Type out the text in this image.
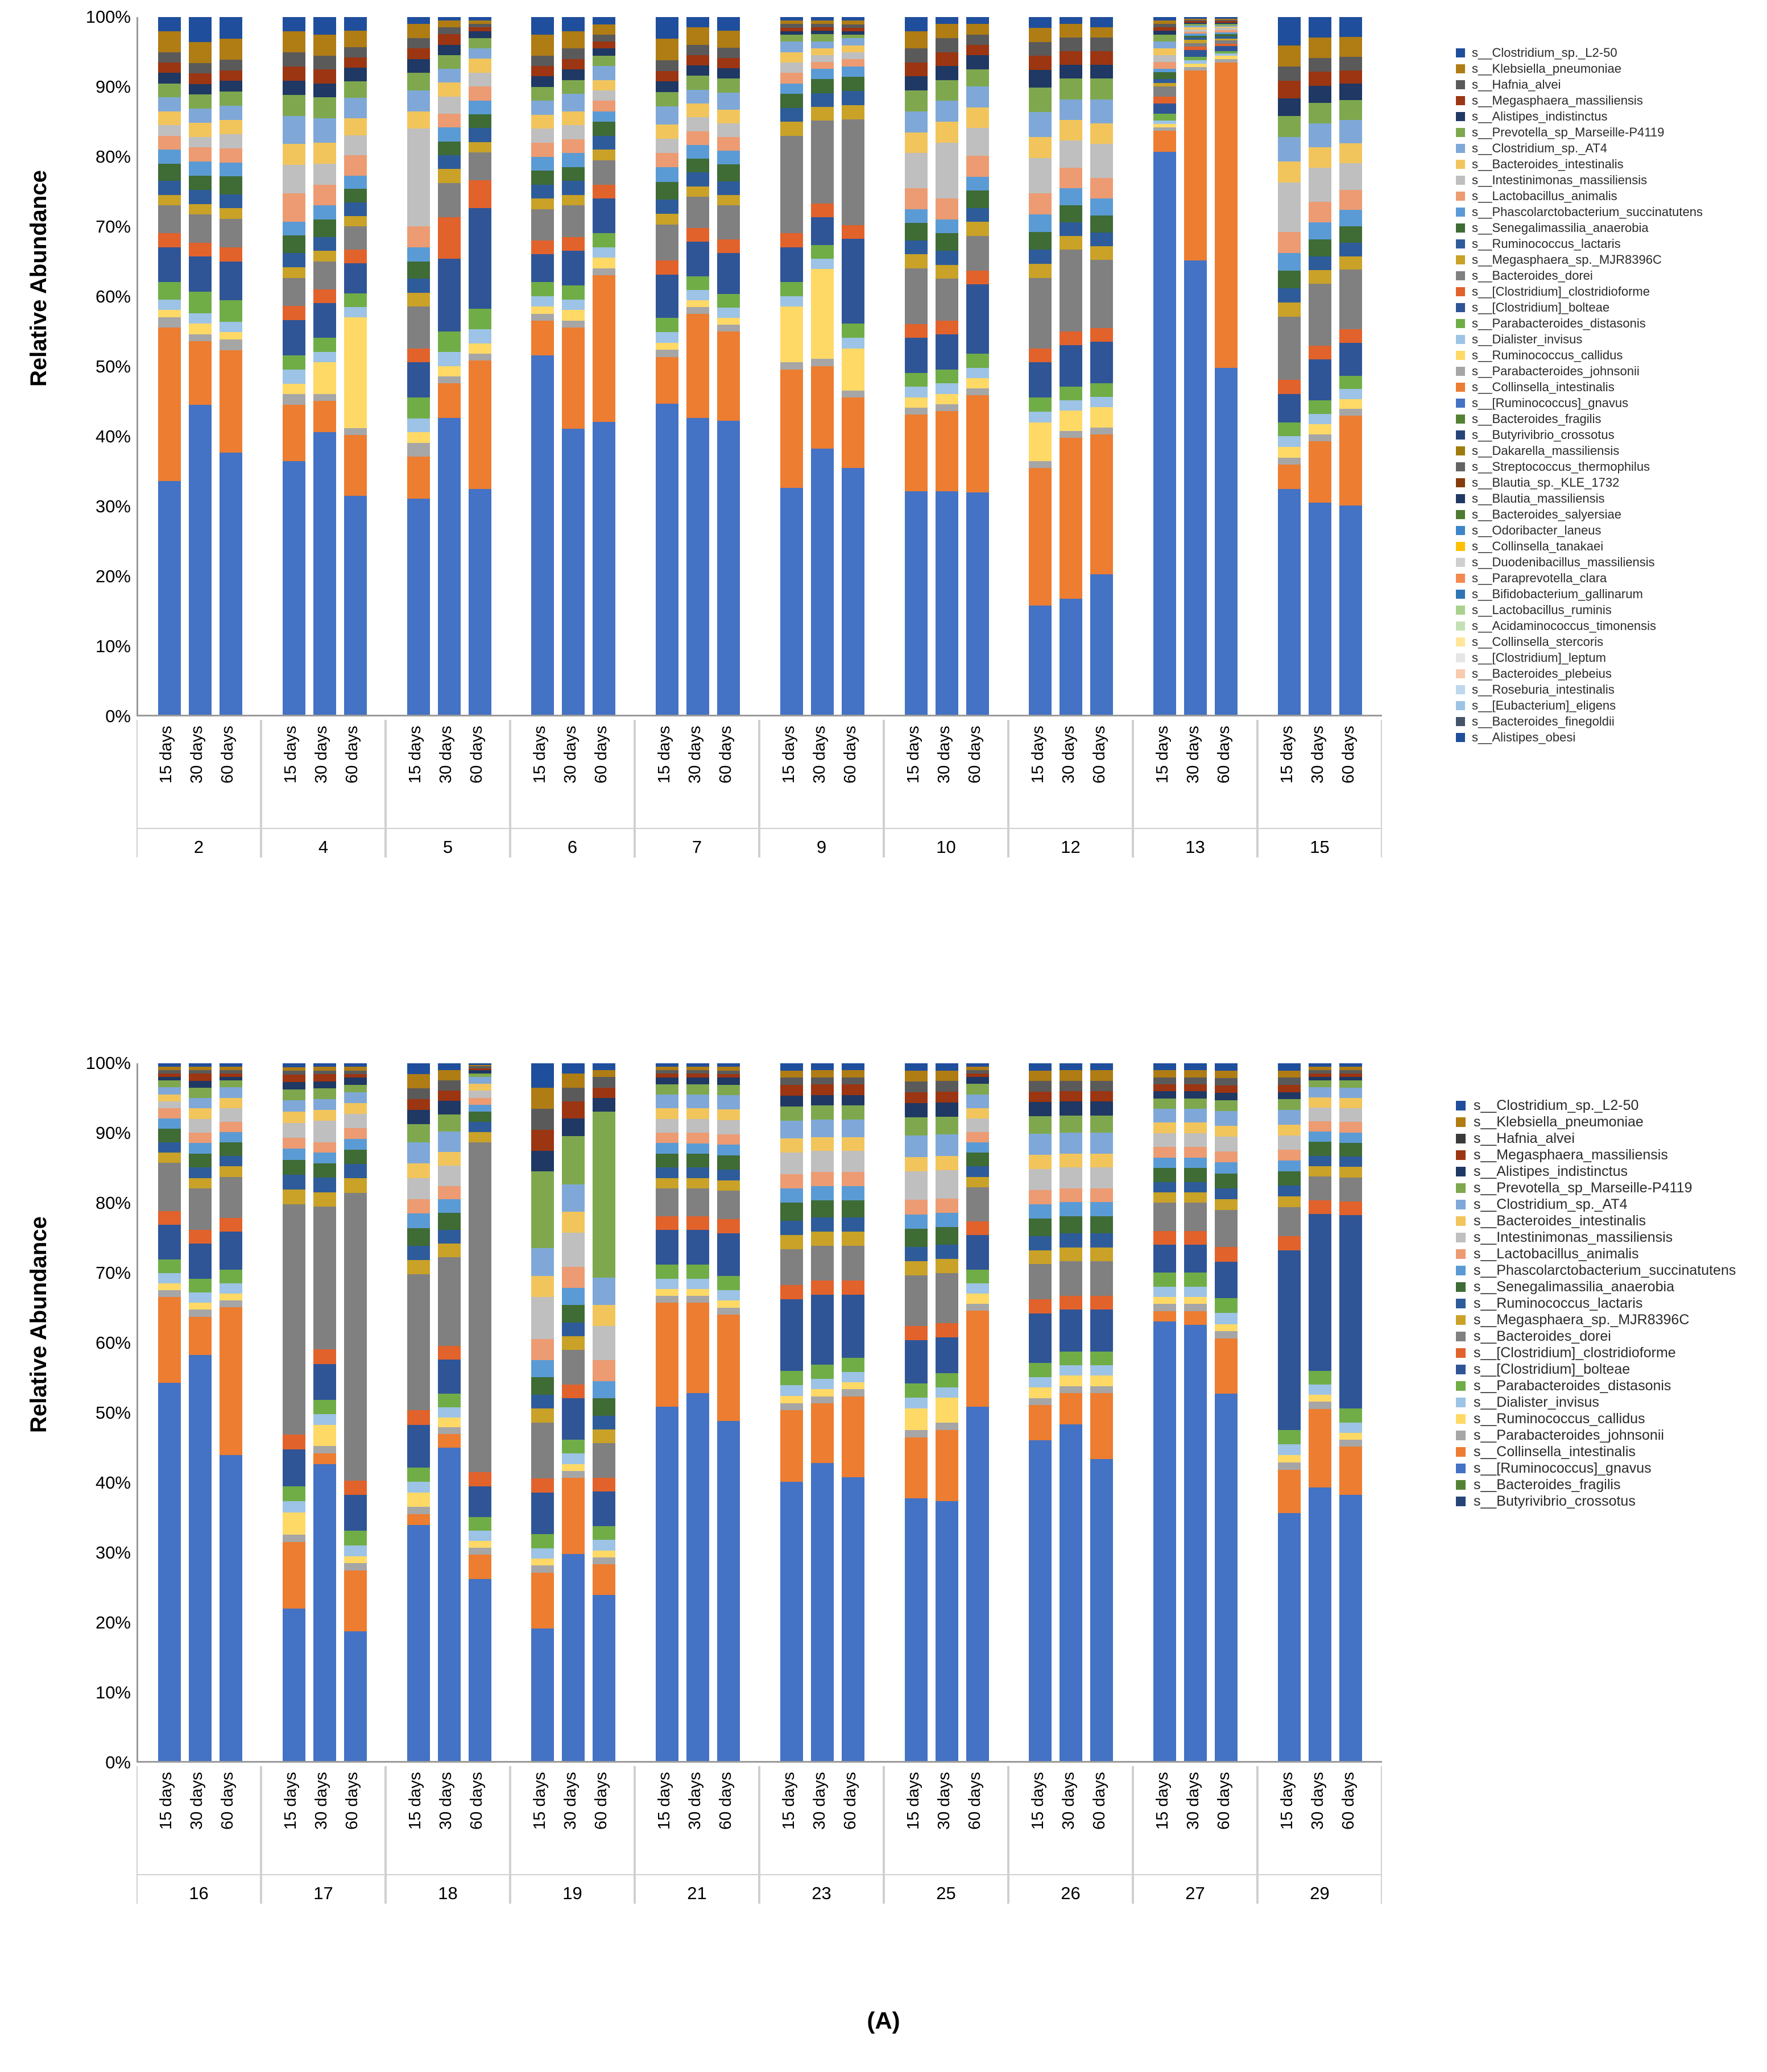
Relative Abundance
100%
90%
80%
70%
60%
50%
40%
30%
20%
10%
0%
15 days 30 days 60 days
2
15 days 30 days 60 days
4
15 days 30 days 60 days
5
15 days 30 days 60 days
6
15 days 30 days 60 days
7
15 days 30 days 60 days
9
15 days 30 days 60 days
10
15 days 30 days 60 days
12
15 days 30 days 60 days
13
15 days 30 days 60 days
15
s__Clostridium_sp._L2-50
s__Klebsiella_pneumoniae
s__Hafnia_alvei
s__Megasphaera_massiliensis
s__Alistipes_indistinctus
s__Prevotella_sp_Marseille-P4119
s__Clostridium_sp._AT4
s__Bacteroides_intestinalis
s__Intestinimonas_massiliensis
s__Lactobacillus_animalis
s__Phascolarctobacterium_succinatutens
s__Senegalimassilia_anaerobia
s__Ruminococcus_lactaris
s__Megasphaera_sp._MJR8396C
s__Bacteroides_dorei
s__[Clostridium]_clostridioforme
s__[Clostridium]_bolteae
s__Parabacteroides_distasonis
s__Dialister_invisus
s__Ruminococcus_callidus
s__Parabacteroides_johnsonii
s__Collinsella_intestinalis
s__[Ruminococcus]_gnavus
s__Bacteroides_fragilis
s__Butyrivibrio_crossotus
s__Dakarella_massiliensis
s__Streptococcus_thermophilus
s__Blautia_sp._KLE_1732
s__Blautia_massiliensis
s__Bacteroides_salyersiae
s__Odoribacter_laneus
s__Collinsella_tanakaei
s__Duodenibacillus_massiliensis
s__Paraprevotella_clara
s__Bifidobacterium_gallinarum
s__Lactobacillus_ruminis
s__Acidaminococcus_timonensis
s__Collinsella_stercoris
s__[Clostridium]_leptum
s__Bacteroides_plebeius
s__Roseburia_intestinalis
s__[Eubacterium]_eligens
s__Bacteroides_finegoldii
s__Alistipes_obesi
Relative Abundance
100%
90%
80%
70%
60%
50%
40%
30%
20%
10%
0%
15 days 30 days 60 days
16
15 days 30 days 60 days
17
15 days 30 days 60 days
18
15 days 30 days 60 days
19
15 days 30 days 60 days
21
15 days 30 days 60 days
23
15 days 30 days 60 days
25
15 days 30 days 60 days
26
15 days 30 days 60 days
27
15 days 30 days 60 days
29
s__Clostridium_sp._L2-50
s__Klebsiella_pneumoniae
s__Hafnia_alvei
s__Megasphaera_massiliensis
s__Alistipes_indistinctus
s__Prevotella_sp_Marseille-P4119
s__Clostridium_sp._AT4
s__Bacteroides_intestinalis
s__Intestinimonas_massiliensis
s__Lactobacillus_animalis
s__Phascolarctobacterium_succinatutens
s__Senegalimassilia_anaerobia
s__Ruminococcus_lactaris
s__Megasphaera_sp._MJR8396C
s__Bacteroides_dorei
s__[Clostridium]_clostridioforme
s__[Clostridium]_bolteae
s__Parabacteroides_distasonis
s__Dialister_invisus
s__Ruminococcus_callidus
s__Parabacteroides_johnsonii
s__Collinsella_intestinalis
s__[Ruminococcus]_gnavus
s__Bacteroides_fragilis
s__Butyrivibrio_crossotus
(A)
